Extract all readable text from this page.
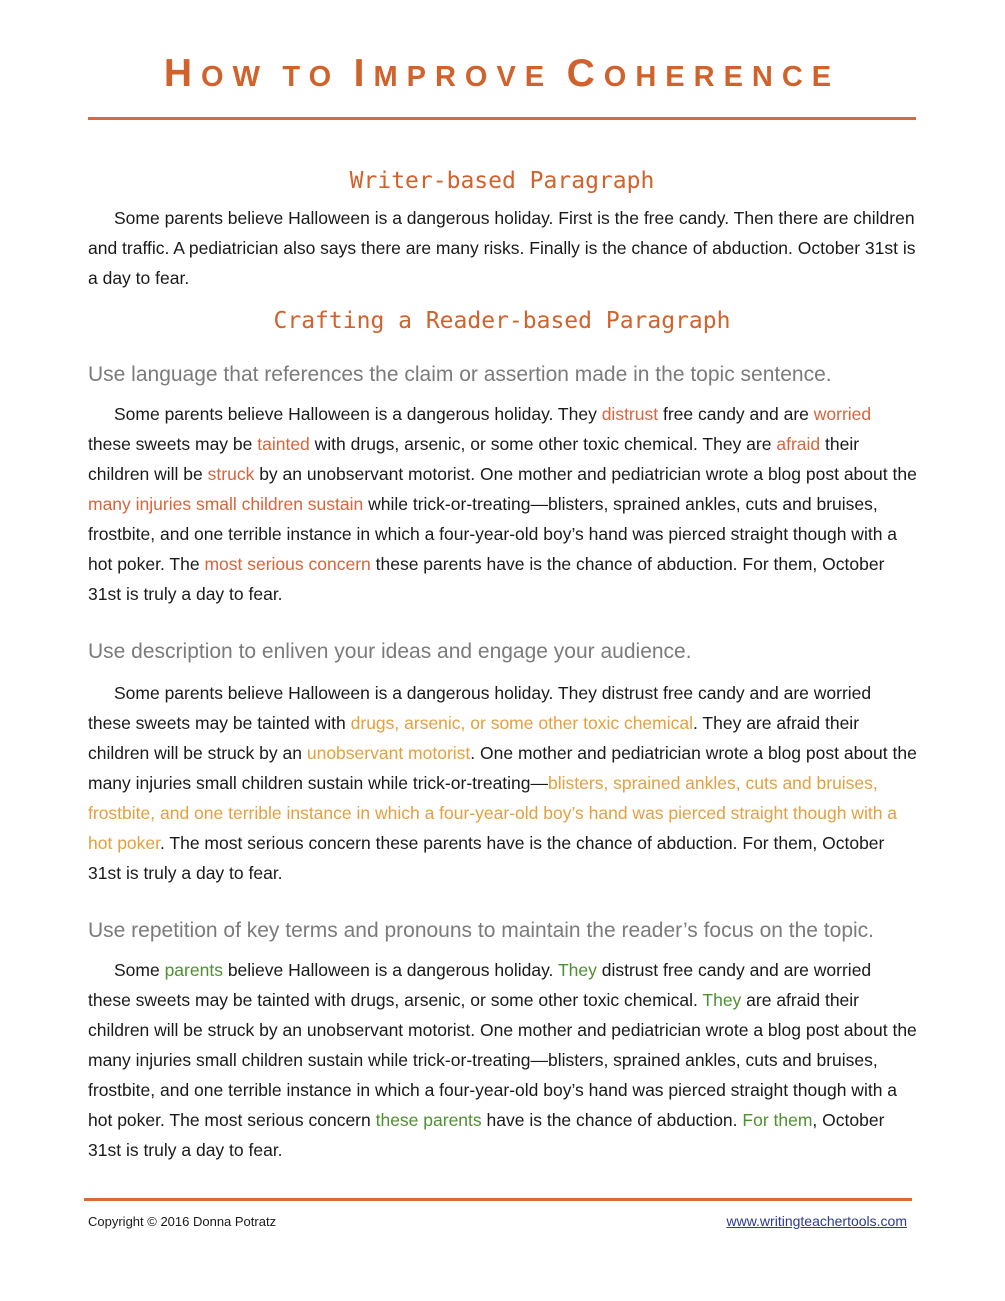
HOW TO IMPROVE COHERENCE
Writer-based Paragraph
Some parents believe Halloween is a dangerous holiday. First is the free candy. Then there are children and traffic. A pediatrician also says there are many risks. Finally is the chance of abduction. October 31st is a day to fear.
Crafting a Reader-based Paragraph
Use language that references the claim or assertion made in the topic sentence.
Some parents believe Halloween is a dangerous holiday. They distrust free candy and are worried these sweets may be tainted with drugs, arsenic, or some other toxic chemical. They are afraid their children will be struck by an unobservant motorist. One mother and pediatrician wrote a blog post about the many injuries small children sustain while trick-or-treating—blisters, sprained ankles, cuts and bruises, frostbite, and one terrible instance in which a four-year-old boy’s hand was pierced straight though with a hot poker. The most serious concern these parents have is the chance of abduction. For them, October 31st is truly a day to fear.
Use description to enliven your ideas and engage your audience.
Some parents believe Halloween is a dangerous holiday. They distrust free candy and are worried these sweets may be tainted with drugs, arsenic, or some other toxic chemical. They are afraid their children will be struck by an unobservant motorist. One mother and pediatrician wrote a blog post about the many injuries small children sustain while trick-or-treating—blisters, sprained ankles, cuts and bruises, frostbite, and one terrible instance in which a four-year-old boy’s hand was pierced straight though with a hot poker. The most serious concern these parents have is the chance of abduction. For them, October 31st is truly a day to fear.
Use repetition of key terms and pronouns to maintain the reader’s focus on the topic.
Some parents believe Halloween is a dangerous holiday. They distrust free candy and are worried these sweets may be tainted with drugs, arsenic, or some other toxic chemical. They are afraid their children will be struck by an unobservant motorist. One mother and pediatrician wrote a blog post about the many injuries small children sustain while trick-or-treating—blisters, sprained ankles, cuts and bruises, frostbite, and one terrible instance in which a four-year-old boy’s hand was pierced straight though with a hot poker. The most serious concern these parents have is the chance of abduction. For them, October 31st is truly a day to fear.
Copyright © 2016 Donna Potratz	www.writingteachertools.com
